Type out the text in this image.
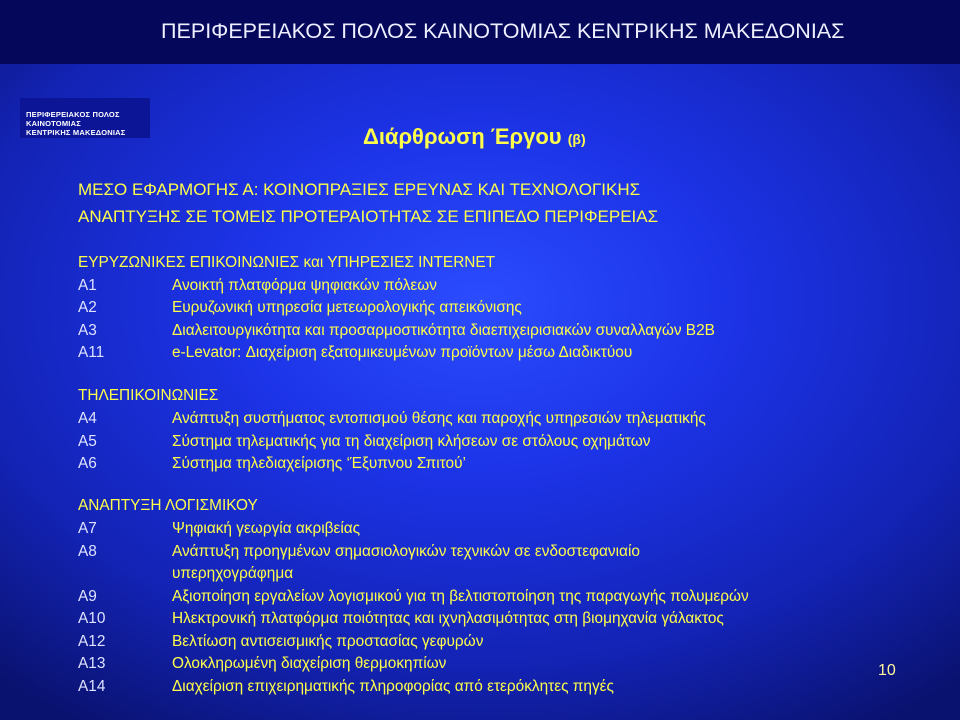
ΠΕΡΙΦΕΡΕΙΑΚΟΣ ΠΟΛΟΣ ΚΑΙΝΟΤΟΜΙΑΣ ΚΕΝΤΡΙΚΗΣ ΜΑΚΕΔΟΝΙΑΣ
ΠΕΡΙΦΕΡΕΙΑΚΟΣ ΠΟΛΟΣ
ΚΑΙΝΟΤΟΜΙΑΣ
ΚΕΝΤΡΙΚΗΣ ΜΑΚΕΔΟΝΙΑΣ	Διάρθρωση Έργου (β)
ΜΕΣΟ ΕΦΑΡΜΟΓΗΣ Α: ΚΟΙΝΟΠΡΑΞΙΕΣ ΕΡΕΥΝΑΣ ΚΑΙ ΤΕΧΝΟΛΟΓΙΚΗΣ
ΑΝΑΠΤΥΞΗΣ ΣΕ ΤΟΜΕΙΣ ΠΡΟΤΕΡΑΙΟΤΗΤΑΣ ΣΕ ΕΠΙΠΕΔΟ ΠΕΡΙΦΕΡΕΙΑΣ
ΕΥΡΥΖΩΝΙΚΕΣ ΕΠΙΚΟΙΝΩΝΙΕΣ και ΥΠΗΡΕΣΙΕΣ INTERNET
Α1	Ανοικτή πλατφόρμα ψηφιακών πόλεων
Α2	Ευρυζωνική υπηρεσία μετεωρολογικής απεικόνισης
Α3	Διαλειτουργικότητα και προσαρμοστικότητα διαεπιχειρισιακών συναλλαγών Β2Β
Α11	e-Levator: Διαχείριση εξατομικευμένων προϊόντων μέσω Διαδικτύου
ΤΗΛΕΠΙΚΟΙΝΩΝΙΕΣ
Α4	Ανάπτυξη συστήματος εντοπισμού θέσης και παροχής υπηρεσιών τηλεματικής
Α5	Σύστημα τηλεματικής για τη διαχείριση κλήσεων σε στόλους οχημάτων
Α6	Σύστημα τηλεδιαχείρισης ‘Έξυπνου Σπιτού’
ΑΝΑΠΤΥΞΗ ΛΟΓΙΣΜΙΚΟΥ
Α7	Ψηφιακή γεωργία ακριβείας
Α8	Ανάπτυξη προηγμένων σημασιολογικών τεχνικών σε ενδοστεφανιαίο
υπερηχογράφημα
Α9	Αξιοποίηση εργαλείων λογισμικού για τη βελτιστοποίηση της παραγωγής πολυμερών
Α10	Ηλεκτρονική πλατφόρμα ποιότητας και ιχνηλασιμότητας στη βιομηχανία γάλακτος
Α12	Βελτίωση αντισεισμικής προστασίας γεφυρών
Α13	Ολοκληρωμένη διαχείριση θερμοκηπίων
Α14	Διαχείριση επιχειρηματικής πληροφορίας από ετερόκλητες πηγές
10
